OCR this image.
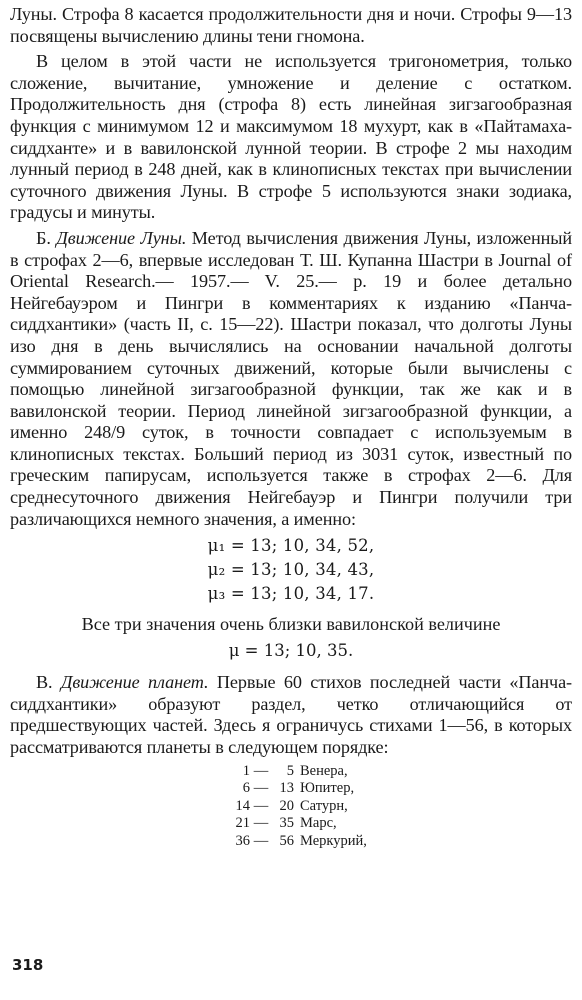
Луны. Строфа 8 касается продолжительности дня и ночи. Строфы 9—13 посвящены вычислению длины тени гномона.

В целом в этой части не используется тригонометрия, только сложение, вычитание, умножение и деление с остатком. Продолжительность дня (строфа 8) есть линейная зигзагообразная функция с минимумом 12 и максимумом 18 мухурт, как в «Пайтамаха-сиддханте» и в вавилонской лунной теории. В строфе 2 мы находим лунный период в 248 дней, как в клинописных текстах при вычислении суточного движения Луны. В строфе 5 используются знаки зодиака, градусы и минуты.

Б. Движение Луны. Метод вычисления движения Луны, изложенный в строфах 2—6, впервые исследован Т. Ш. Купанна Шастри в Journal of Oriental Research.— 1957.— V. 25.— p. 19 и более детально Нейгебауэром и Пингри в комментариях к изданию «Панча-сиддхантики» (часть II, с. 15—22). Шастри показал, что долготы Луны изо дня в день вычислялись на основании начальной долготы суммированием суточных движений, которые были вычислены с помощью линейной зигзагообразной функции, так же как и в вавилонской теории. Период линейной зигзагообразной функции, а именно 248/9 суток, в точности совпадает с используемым в клинописных текстах. Больший период из 3031 суток, известный по греческим папирусам, используется также в строфах 2—6. Для среднесуточного движения Нейгебауэр и Пингри получили три различающихся немного значения, а именно:

μ₁ = 13; 10, 34, 52,
μ₂ = 13; 10, 34, 43,
μ₃ = 13; 10, 34, 17.
Все три значения очень близки вавилонской величине
μ = 13; 10, 35.

В. Движение планет. Первые 60 стихов последней части «Панча-сиддхантики» образуют раздел, четко отличающийся от предшествующих частей. Здесь я ограничусь стихами 1—56, в которых рассматриваются планеты в следующем порядке:

1 —	5 Венера,
6 — 13 Юпитер,
14 — 20 Сатурн,
21 — 35 Марс,
36 — 56 Меркурий,
318
